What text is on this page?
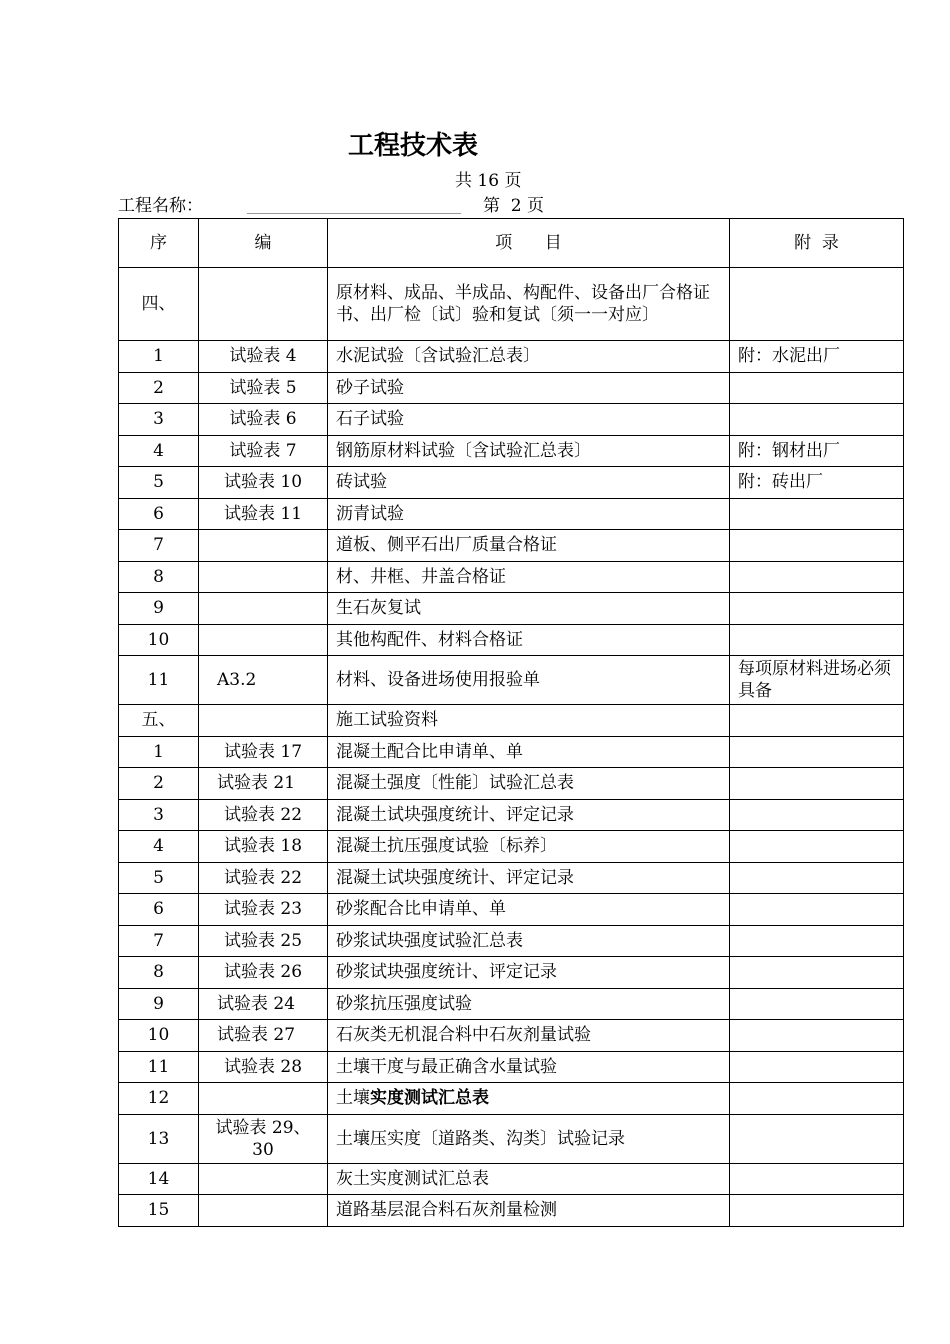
工程技术表
共 16 页
工程名称：	第  2 页
序	编	项      目	附  录
四、		原材料、成品、半成品、构配件、设备出厂合格证书、出厂检〔试〕验和复试〔须一一对应〕	
1	试验表 4	水泥试验〔含试验汇总表〕	附：水泥出厂
2	试验表 5	砂子试验	
3	试验表 6	石子试验	
4	试验表 7	钢筋原材料试验〔含试验汇总表〕	附：钢材出厂
5	试验表 10	砖试验	附：砖出厂
6	试验表 11	沥青试验	
7		道板、侧平石出厂质量合格证	
8		材、井框、井盖合格证	
9		生石灰复试	
10		其他构配件、材料合格证	
11	A3.2	材料、设备进场使用报验单	每项原材料进场必须具备
五、		施工试验资料	
1	试验表 17	混凝土配合比申请单、单	
2	试验表 21	混凝土强度〔性能〕试验汇总表	
3	试验表 22	混凝土试块强度统计、评定记录	
4	试验表 18	混凝土抗压强度试验〔标养〕	
5	试验表 22	混凝土试块强度统计、评定记录	
6	试验表 23	砂浆配合比申请单、单	
7	试验表 25	砂浆试块强度试验汇总表	
8	试验表 26	砂浆试块强度统计、评定记录	
9	试验表 24	砂浆抗压强度试验	
10	试验表 27	石灰类无机混合料中石灰剂量试验	
11	试验表 28	土壤干度与最正确含水量试验	
12		土壤实度测试汇总表	
13	试验表 29、30	土壤压实度〔道路类、沟类〕试验记录	
14		灰土实度测试汇总表	
15		道路基层混合料石灰剂量检测	
